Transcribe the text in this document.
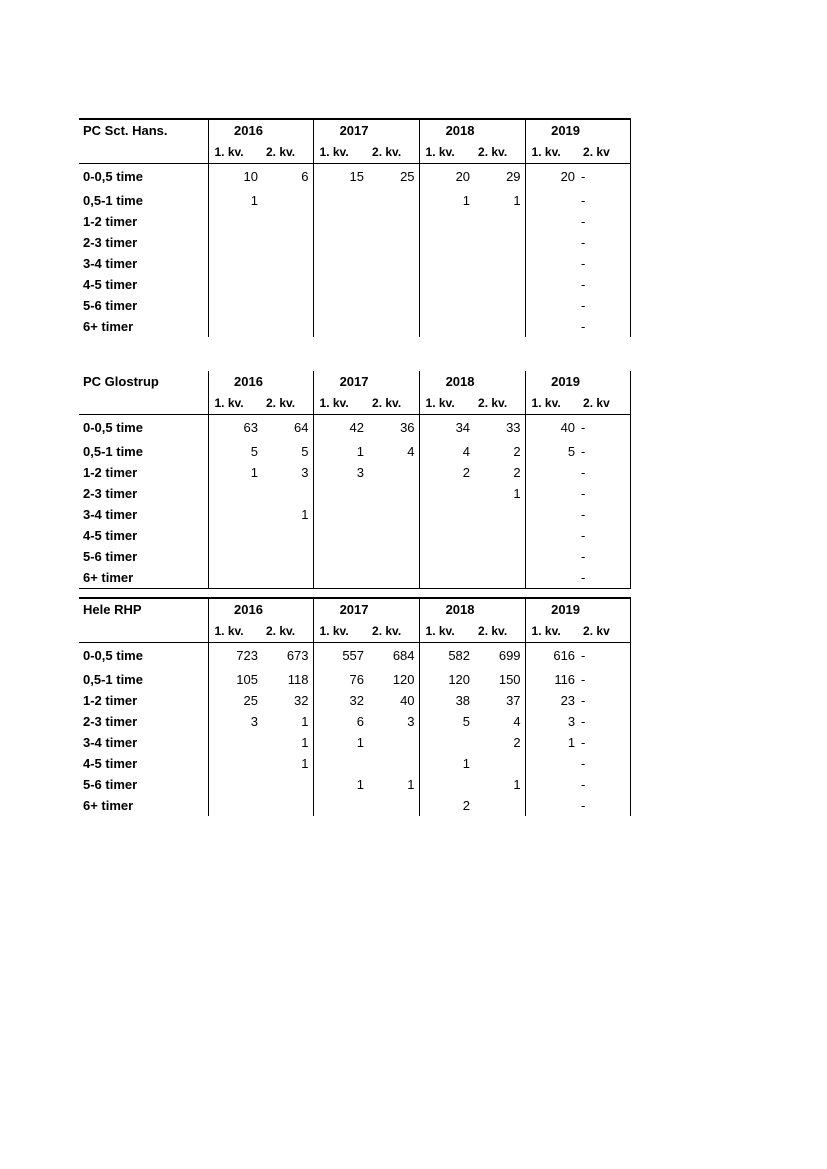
PC Sct. Hans.	2016		2017		2018		2019	
	1. kv.	2. kv.	1. kv.	2. kv.	1. kv.	2. kv.	1. kv.	2. kv
0-0,5 time	10	6	15	25	20	29	20	-
0,5-1 time	1				1	1		-
1-2 timer								-
2-3 timer								-
3-4 timer								-
4-5 timer								-
5-6 timer								-
6+ timer								-
PC Glostrup	2016		2017		2018		2019	
	1. kv.	2. kv.	1. kv.	2. kv.	1. kv.	2. kv.	1. kv.	2. kv
0-0,5 time	63	64	42	36	34	33	40	-
0,5-1 time	5	5	1	4	4	2	5	-
1-2 timer	1	3	3		2	2		-
2-3 timer						1		-
3-4 timer		1						-
4-5 timer								-
5-6 timer								-
6+ timer								-
Hele RHP	2016		2017		2018		2019	
	1. kv.	2. kv.	1. kv.	2. kv.	1. kv.	2. kv.	1. kv.	2. kv
0-0,5 time	723	673	557	684	582	699	616	-
0,5-1 time	105	118	76	120	120	150	116	-
1-2 timer	25	32	32	40	38	37	23	-
2-3 timer	3	1	6	3	5	4	3	-
3-4 timer		1	1			2	1	-
4-5 timer		1			1			-
5-6 timer			1	1		1		-
6+ timer					2			-
